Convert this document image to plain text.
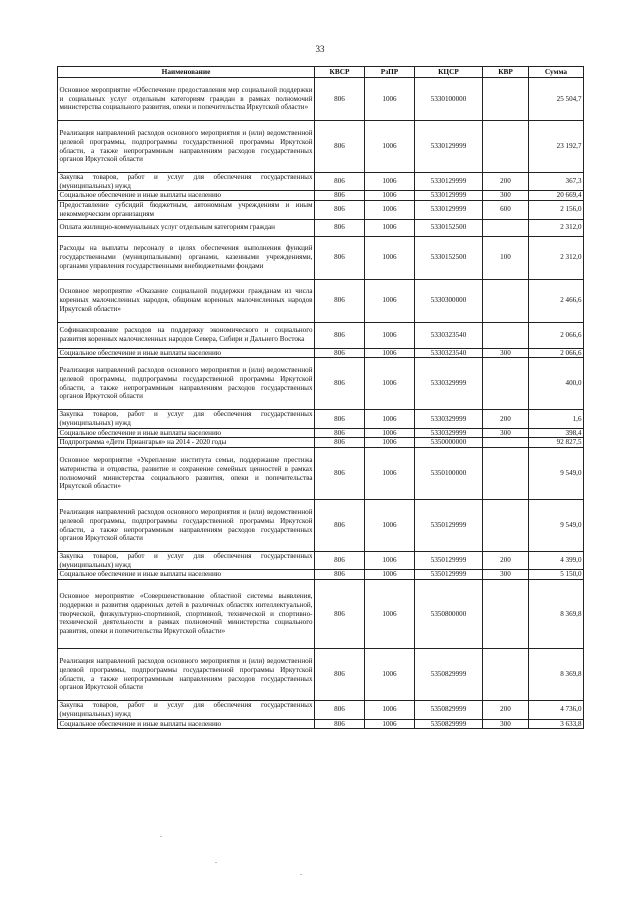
33
Наименование	КВСР	РзПР	КЦСР	КВР	Сумма
Основное мероприятие «Обеспечение предоставления мер социальной поддержки и социальных услуг отдельным категориям граждан в рамках полномочий министерства социального развития, опеки и попечительства Иркутской области»	806	1006	5330100000		25 504,7
Реализация направлений расходов основного мероприятия и (или) ведомственной целевой программы, подпрограммы государственной программы Иркутской области, а также непрограммным направлениям расходов государственных органов Иркутской области	806	1006	5330129999		23 192,7
Закупка товаров, работ и услуг для обеспечения государственных (муниципальных) нужд	806	1006	5330129999	200	367,3
Социальное обеспечение и иные выплаты населению	806	1006	5330129999	300	20 669,4
Предоставление субсидий бюджетным, автономным учреждениям и иным некоммерческим организациям	806	1006	5330129999	600	2 156,0
Оплата жилищно-коммунальных услуг отдельным категориям граждан	806	1006	5330152500		2 312,0
Расходы на выплаты персоналу в целях обеспечения выполнения функций государственными (муниципальными) органами, казенными учреждениями, органами управления государственными внебюджетными фондами	806	1006	5330152500	100	2 312,0
Основное мероприятие «Оказание социальной поддержки гражданам из числа коренных малочисленных народов, общинам коренных малочисленных народов Иркутской области»	806	1006	5330300000		2 466,6
Софинансирование расходов на поддержку экономического и социального развития коренных малочисленных народов Севера, Сибири и Дальнего Востока	806	1006	5330323540		2 066,6
Социальное обеспечение и иные выплаты населению	806	1006	5330323540	300	2 066,6
Реализация направлений расходов основного мероприятия и (или) ведомственной целевой программы, подпрограммы государственной программы Иркутской области, а также непрограммным направлениям расходов государственных органов Иркутской области	806	1006	5330329999		400,0
Закупка товаров, работ и услуг для обеспечения государственных (муниципальных) нужд	806	1006	5330329999	200	1,6
Социальное обеспечение и иные выплаты населению	806	1006	5330329999	300	398,4
Подпрограмма «Дети Приангарья» на 2014 - 2020 годы	806	1006	5350000000		92 827,5
Основное мероприятие «Укрепление института семьи, поддержание престижа материнства и отцовства, развитие и сохранение семейных ценностей в рамках полномочий министерства социального развития, опеки и попечительства Иркутской области»	806	1006	5350100000		9 549,0
Реализация направлений расходов основного мероприятия и (или) ведомственной целевой программы, подпрограммы государственной программы Иркутской области, а также непрограммным направлениям расходов государственных органов Иркутской области	806	1006	5350129999		9 549,0
Закупка товаров, работ и услуг для обеспечения государственных (муниципальных) нужд	806	1006	5350129999	200	4 399,0
Социальное обеспечение и иные выплаты населению	806	1006	5350129999	300	5 150,0
Основное мероприятие «Совершенствование областной системы выявления, поддержки и развития одаренных детей в различных областях интеллектуальной, творческой, физкультурно-спортивной, спортивной, технической и спортивно-технической деятельности в рамках полномочий министерства социального развития, опеки и попечительства Иркутской области»	806	1006	5350800000		8 369,8
Реализация направлений расходов основного мероприятия и (или) ведомственной целевой программы, подпрограммы государственной программы Иркутской области, а также непрограммным направлениям расходов государственных органов Иркутской области	806	1006	5350829999		8 369,8
Закупка товаров, работ и услуг для обеспечения государственных (муниципальных) нужд	806	1006	5350829999	200	4 736,0
Социальное обеспечение и иные выплаты населению	806	1006	5350829999	300	3 633,8
.
.
.
